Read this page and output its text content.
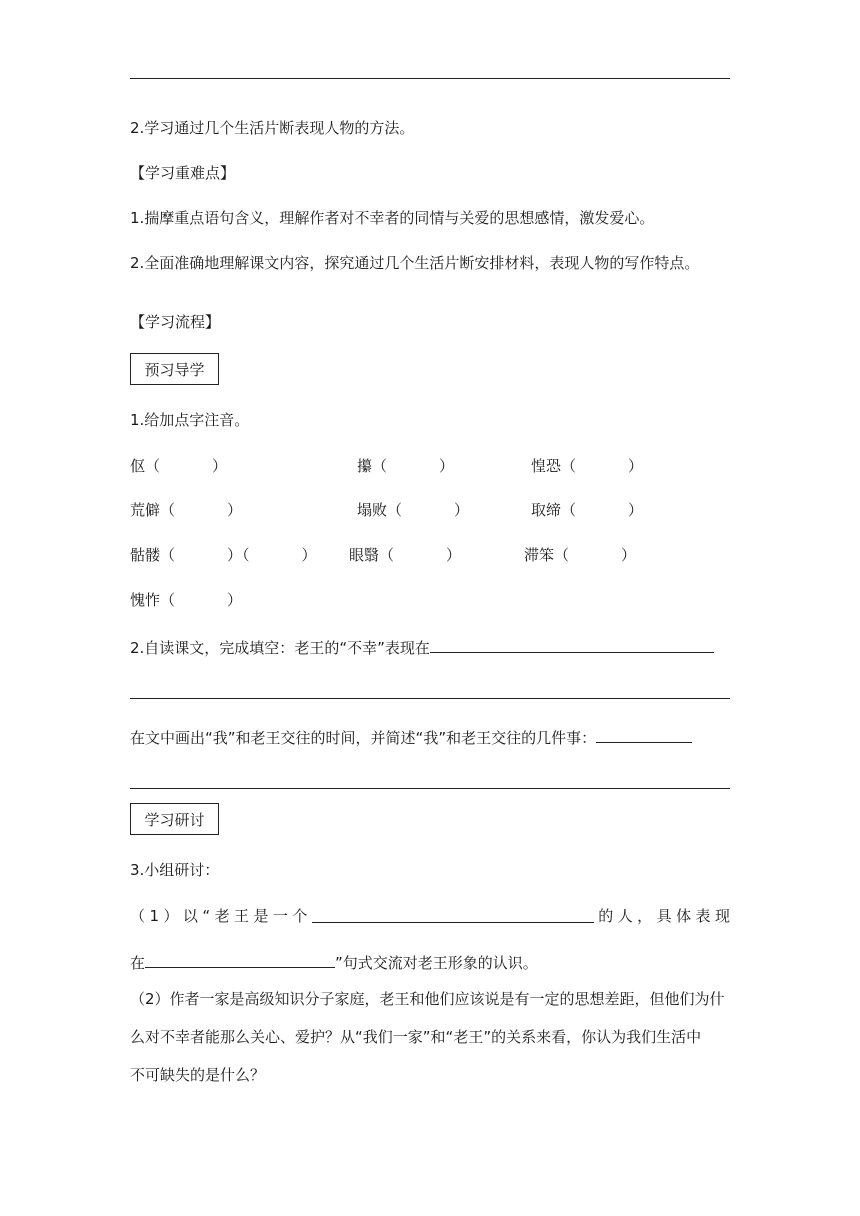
2.学习通过几个生活片断表现人物的方法。
【学习重难点】
1.揣摩重点语句含义，理解作者对不幸者的同情与关爱的思想感情，激发爱心。
2.全面准确地理解课文内容，探究通过几个生活片断安排材料，表现人物的写作特点。
【学习流程】
预习导学
1.给加点字注音。
伛（	）	攥（	）	惶恐（	）
荒僻（	）	塌败（	）	取缔（	）
骷髅（	）（	） 眼翳（	）	滞笨（	）
愧怍（	）
2.自读课文，完成填空：老王的“不幸”表现在
在文中画出“我”和老王交往的时间，并简述“我”和老王交往的几件事：
学习研讨
3.小组研讨：
（ 1 ） 以 “ 老 王 是 一 个	的 人 ， 具 体 表 现
在	”句式交流对老王形象的认识。
（2）作者一家是高级知识分子家庭，老王和他们应该说是有一定的思想差距，但他们为什
么对不幸者能那么关心、爱护？从“我们一家”和“老王”的关系来看，你认为我们生活中
不可缺失的是什么？
